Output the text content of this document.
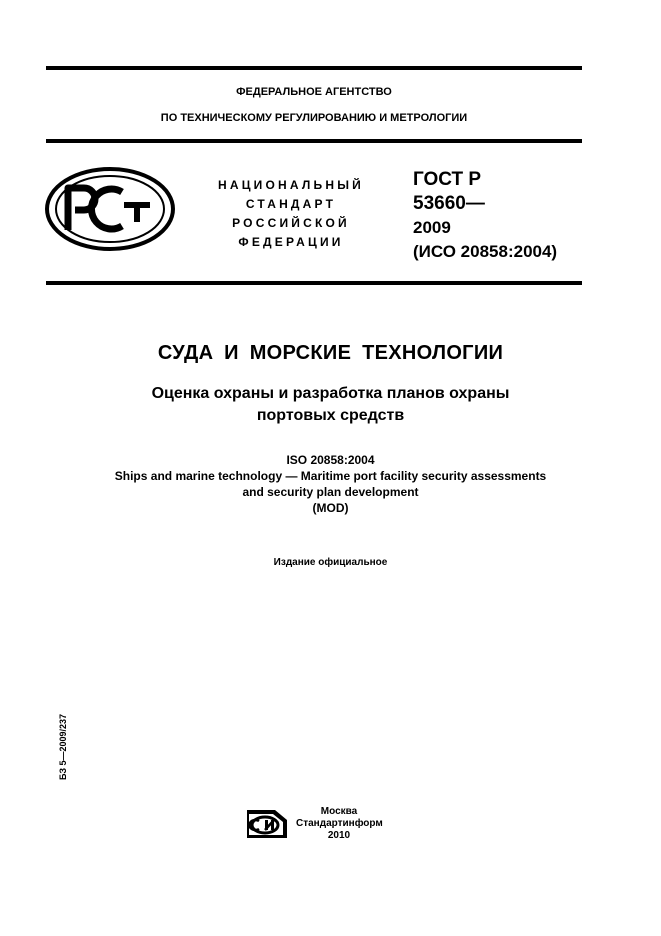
ФЕДЕРАЛЬНОЕ АГЕНТСТВО
ПО ТЕХНИЧЕСКОМУ РЕГУЛИРОВАНИЮ И МЕТРОЛОГИИ
НАЦИОНАЛЬНЫЙ
СТАНДАРТ
РОССИЙСКОЙ
ФЕДЕРАЦИИ
ГОСТ Р
53660—
2009
(ИСО 20858:2004)
СУДА И МОРСКИЕ ТЕХНОЛОГИИ
Оценка охраны и разработка планов охраны
портовых средств
ISO 20858:2004
Ships and marine technology — Maritime port facility security assessments
and security plan development
(MOD)
Издание официальное
БЗ 5—2009/237
Москва
Стандартинформ
2010
